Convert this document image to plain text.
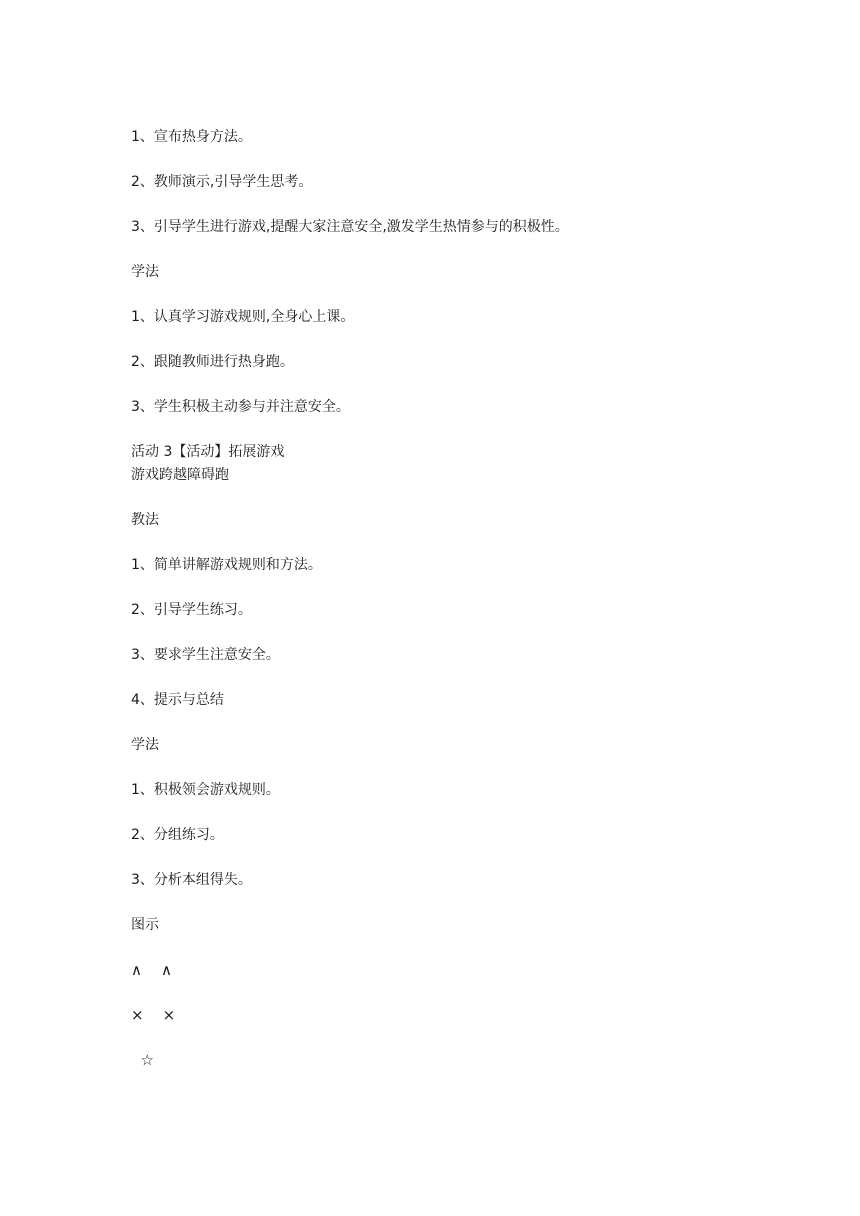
1、宣布热身方法。
2、教师演示,引导学生思考。
3、引导学生进行游戏,提醒大家注意安全,激发学生热情参与的积极性。
学法
1、认真学习游戏规则,全身心上课。
2、跟随教师进行热身跑。
3、学生积极主动参与并注意安全。
活动 3【活动】拓展游戏
游戏跨越障碍跑
教法
1、简单讲解游戏规则和方法。
2、引导学生练习。
3、要求学生注意安全。
4、提示与总结
学法
1、积极领会游戏规则。
2、分组练习。
3、分析本组得失。
图示
∧    ∧
×    ×
☆
